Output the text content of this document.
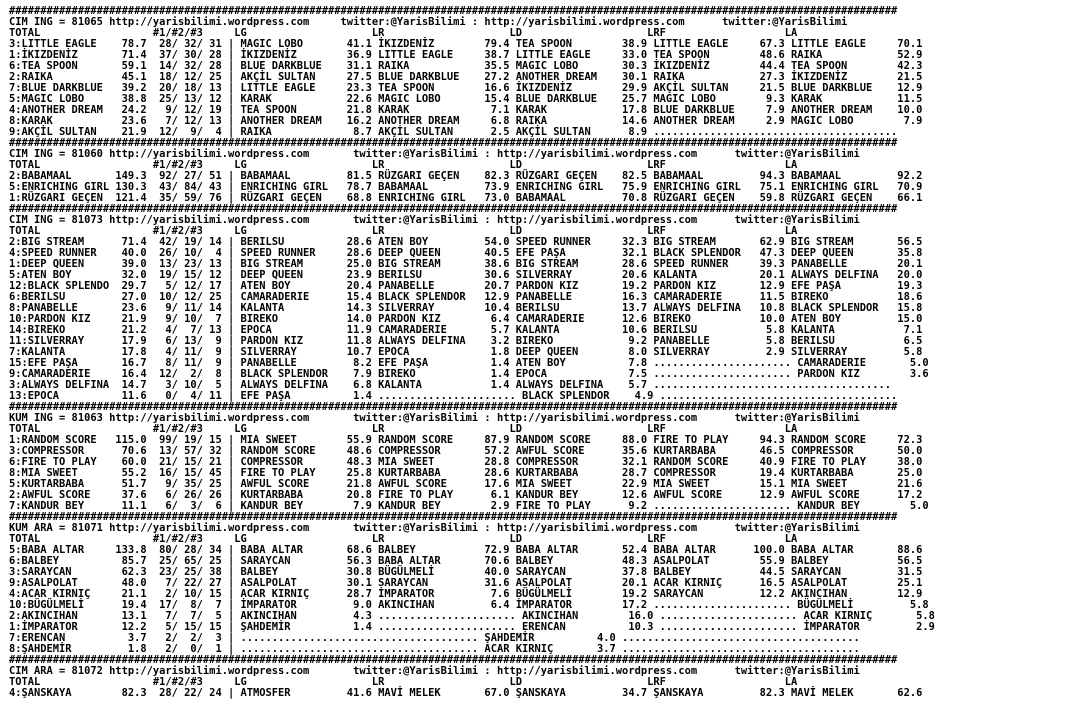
##############################################################################################################################################
CIM ING = 81065 http://yarisbilimi.wordpress.com     twitter:@YarisBilimi : http://yarisbilimi.wordpress.com      twitter:@YarisBilimi
TOTAL                  #1/#2/#3     LG                    LR                    LD                    LRF                   LA
3:LITTLE EAGLE    78.7  28/ 32/ 31 | MAGIC LOBO       41.1 İKIZDENİZ        79.4 TEA SPOON        38.9 LITTLE EAGLE     67.3 LITTLE EAGLE     70.1
1:İKIZDENİZ       71.4  37/ 30/ 28 | İKIZDENİZ        36.9 LITTLE EAGLE     38.7 LITTLE EAGLE     33.0 TEA SPOON        48.6 RAIKA            52.9
6:TEA SPOON       59.1  14/ 32/ 28 | BLUE DARKBLUE    31.1 RAIKA            35.5 MAGIC LOBO       30.3 İKIZDENİZ        44.4 TEA SPOON        42.3
2:RAIKA           45.1  18/ 12/ 25 | AKÇİL SULTAN     27.5 BLUE DARKBLUE    27.2 ANOTHER DREAM    30.1 RAIKA            27.3 İKIZDENİZ        21.5
7:BLUE DARKBLUE   39.2  20/ 18/ 13 | LITTLE EAGLE     23.3 TEA SPOON        16.6 İKIZDENİZ        29.9 AKÇİL SULTAN     21.5 BLUE DARKBLUE    12.9
5:MAGIC LOBO      38.8  25/ 13/ 12 | KARAK            22.6 MAGIC LOBO       15.4 BLUE DARKBLUE    25.7 MAGIC LOBO        9.3 KARAK            11.5
4:ANOTHER DREAM   24.2   9/ 12/ 19 | TEA SPOON        21.8 KARAK             7.1 KARAK            17.8 BLUE DARKBLUE     7.9 ANOTHER DREAM    10.0
8:KARAK           23.6   7/ 12/ 13 | ANOTHER DREAM    16.2 ANOTHER DREAM     6.8 RAIKA            14.6 ANOTHER DREAM     2.9 MAGIC LOBO        7.9
9:AKÇİL SULTAN    21.9  12/  9/  4 | RAIKA             8.7 AKÇİL SULTAN      2.5 AKÇİL SULTAN      8.9 .......................................
##############################################################################################################################################
CIM ING = 81060 http://yarisbilimi.wordpress.com       twitter:@YarisBilimi : http://yarisbilimi.wordpress.com      twitter:@YarisBilimi
TOTAL                  #1/#2/#3     LG                    LR                    LD                    LRF                   LA
2:BABAMAAL       149.3  92/ 27/ 51 | BABAMAAL         81.5 RÜZGARI GEÇEN    82.3 RÜZGARI GEÇEN    82.5 BABAMAAL         94.3 BABAMAAL         92.2
5:ENRICHING GIRL 130.3  43/ 84/ 43 | ENRICHING GIRL   78.7 BABAMAAL         73.9 ENRICHING GIRL   75.9 ENRICHING GIRL   75.1 ENRICHING GIRL   70.9
1:RÜZGARI GEÇEN  121.4  35/ 59/ 76 | RÜZGARI GEÇEN    68.8 ENRICHING GIRL   73.0 BABAMAAL         70.8 RÜZGARI GEÇEN    59.8 RÜZGARI GEÇEN    66.1
##############################################################################################################################################
CIM ING = 81073 http://yarisbilimi.wordpress.com       twitter:@YarisBilimi : http://yarisbilimi.wordpress.com      twitter:@YarisBilimi
TOTAL                  #1/#2/#3     LG                    LR                    LD                    LRF                   LA
2:BIG STREAM      71.4  42/ 19/ 14 | BERILSU          28.6 ATEN BOY         54.0 SPEED RUNNER     32.3 BIG STREAM       62.9 BIG STREAM       56.5
4:SPEED RUNNER    40.0  26/ 10/  4 | SPEED RUNNER     28.6 DEEP QUEEN       40.5 EFE PAŞA         32.1 BLACK SPLENDOR   47.3 DEEP QUEEN       35.8
1:DEEP QUEEN      39.0  13/ 23/ 13 | BIG STREAM       25.0 BIG STREAM       38.6 BIG STREAM       28.6 SPEED RUNNER     39.3 PANABELLE        20.1
5:ATEN BOY        32.0  19/ 15/ 12 | DEEP QUEEN       23.9 BERILSU          30.6 SILVERRAY        20.6 KALANTA          20.1 ALWAYS DELFINA   20.0
12:BLACK SPLENDO  29.7   5/ 12/ 17 | ATEN BOY         20.4 PANABELLE        20.7 PARDON KIZ       19.2 PARDON KIZ       12.9 EFE PAŞA         19.3
6:BERILSU         27.0  10/ 12/ 25 | CAMARADERIE      15.4 BLACK SPLENDOR   12.9 PANABELLE        16.3 CAMARADERIE      11.5 BIREKO           18.6
8:PANABELLE       23.6   9/ 11/ 14 | KALANTA          14.3 SILVERRAY        10.4 BERILSU          13.7 ALWAYS DELFINA   10.8 BLACK SPLENDOR   15.8
10:PARDON KIZ     21.9   9/ 10/  7 | BIREKO           14.0 PARDON KIZ        6.4 CAMARADERIE      12.6 BIREKO           10.0 ATEN BOY         15.0
14:BIREKO         21.2   4/  7/ 13 | EPOCA            11.9 CAMARADERIE       5.7 KALANTA          10.6 BERILSU           5.8 KALANTA           7.1
11:SILVERRAY      17.9   6/ 13/  9 | PARDON KIZ       11.8 ALWAYS DELFINA    3.2 BIREKO            9.2 PANABELLE         5.8 BERILSU           6.5
7:KALANTA         17.8   4/ 11/  9 | SILVERRAY        10.7 EPOCA             1.8 DEEP QUEEN        8.0 SILVERRAY         2.9 SILVERRAY         5.8
15:EFE PAŞA       16.7   8/ 11/  9 | PANABELLE         8.2 EFE PAŞA          1.4 ATEN BOY          7.8 ...................... CAMARADERIE       5.0
9:CAMARADERIE     16.4  12/  2/  8 | BLACK SPLENDOR    7.9 BIREKO            1.4 EPOCA             7.5 ...................... PARDON KIZ        3.6
3:ALWAYS DELFINA  14.7   3/ 10/  5 | ALWAYS DELFINA    6.8 KALANTA           1.4 ALWAYS DELFINA    5.7 ......................................
13:EPOCA          11.6   0/  4/ 11 | EFE PAŞA          1.4 ...................... BLACK SPLENDOR    4.9 ......................................
##############################################################################################################################################
KUM ING = 81063 http://yarisbilimi.wordpress.com       twitter:@YarisBilimi : http://yarisbilimi.wordpress.com      twitter:@YarisBilimi
TOTAL                  #1/#2/#3     LG                    LR                    LD                    LRF                   LA
1:RANDOM SCORE   115.0  99/ 19/ 15 | MIA SWEET        55.9 RANDOM SCORE     87.9 RANDOM SCORE     88.0 FIRE TO PLAY     94.3 RANDOM SCORE     72.3
3:COMPRESSOR      70.6  13/ 57/ 32 | RANDOM SCORE     48.6 COMPRESSOR       57.2 AWFUL SCORE      35.6 KURTARBABA       46.5 COMPRESSOR       50.0
6:FIRE TO PLAY    60.0  21/ 15/ 21 | COMPRESSOR       48.3 MIA SWEET        28.8 COMPRESSOR       32.1 RANDOM SCORE     40.9 FIRE TO PLAY     38.0
8:MIA SWEET       55.2  16/ 15/ 45 | FIRE TO PLAY     25.8 KURTARBABA       28.6 KURTARBABA       28.7 COMPRESSOR       19.4 KURTARBABA       25.0
5:KURTARBABA      51.7   9/ 35/ 25 | AWFUL SCORE      21.8 AWFUL SCORE      17.6 MIA SWEET        22.9 MIA SWEET        15.1 MIA SWEET        21.6
2:AWFUL SCORE     37.6   6/ 26/ 26 | KURTARBABA       20.8 FIRE TO PLAY      6.1 KANDUR BEY       12.6 AWFUL SCORE      12.9 AWFUL SCORE      17.2
7:KANDUR BEY      11.1   6/  3/  6 | KANDUR BEY        7.9 KANDUR BEY        2.9 FIRE TO PLAY      9.2 ...................... KANDUR BEY        5.0
##############################################################################################################################################
KUM ARA = 81071 http://yarisbilimi.wordpress.com       twitter:@YarisBilimi : http://yarisbilimi.wordpress.com      twitter:@YarisBilimi
TOTAL                  #1/#2/#3     LG                    LR                    LD                    LRF                   LA
5:BABA ALTAR     133.8  80/ 28/ 34 | BABA ALTAR       68.6 BALBEY           72.9 BABA ALTAR       52.4 BABA ALTAR      100.0 BABA ALTAR       88.6
6:BALBEY          85.7  25/ 65/ 25 | SARAYCAN         56.3 BABA ALTAR       70.6 BALBEY           48.3 ASALPOLAT        55.9 BALBEY           56.5
3:SARAYCAN        62.3  23/ 25/ 38 | BALBEY           30.8 BÜGÜLMELİ        40.0 SARAYCAN         37.8 BALBEY           44.5 SARAYCAN         31.5
9:ASALPOLAT       48.0   7/ 22/ 27 | ASALPOLAT        30.1 SARAYCAN         31.6 ASALPOLAT        20.1 ACAR KIRNIÇ      16.5 ASALPOLAT        25.1
4:ACAR KIRNIÇ     21.1   2/ 10/ 15 | ACAR KIRNIÇ      28.7 İMPARATOR         7.6 BÜGÜLMELİ        19.2 SARAYCAN         12.2 AKINCIHAN        12.9
10:BÜGÜLMELİ      19.4  17/  8/  7 | İMPARATOR         9.0 AKINCIHAN         6.4 İMPARATOR        17.2 ...................... BÜGÜLMELİ         5.8
2:AKINCIHAN       13.1   7/  7/  5 | AKINCIHAN         4.3 ...................... AKINCIHAN        16.0 ...................... ACAR KIRNIÇ       5.8
1:İMPARATOR       12.2   5/ 15/ 15 | ŞAHDEMİR          1.4 ...................... ERENCAN          10.3 ...................... İMPARATOR         2.9
7:ERENCAN          3.7   2/  2/  3 | ...................................... ŞAHDEMİR          4.0 ......................................
8:ŞAHDEMİR         1.8   2/  0/  1 | ...................................... ACAR KIRNIÇ       3.7 ......................................
##############################################################################################################################################
CIM ARA = 81072 http://yarisbilimi.wordpress.com       twitter:@YarisBilimi : http://yarisbilimi.wordpress.com      twitter:@YarisBilimi
TOTAL                  #1/#2/#3     LG                    LR                    LD                    LRF                   LA
4:ŞANSKAYA        82.3  28/ 22/ 24 | ATMOSFER         41.6 MAVİ MELEK       67.0 ŞANSKAYA         34.7 ŞANSKAYA         82.3 MAVİ MELEK       62.6
